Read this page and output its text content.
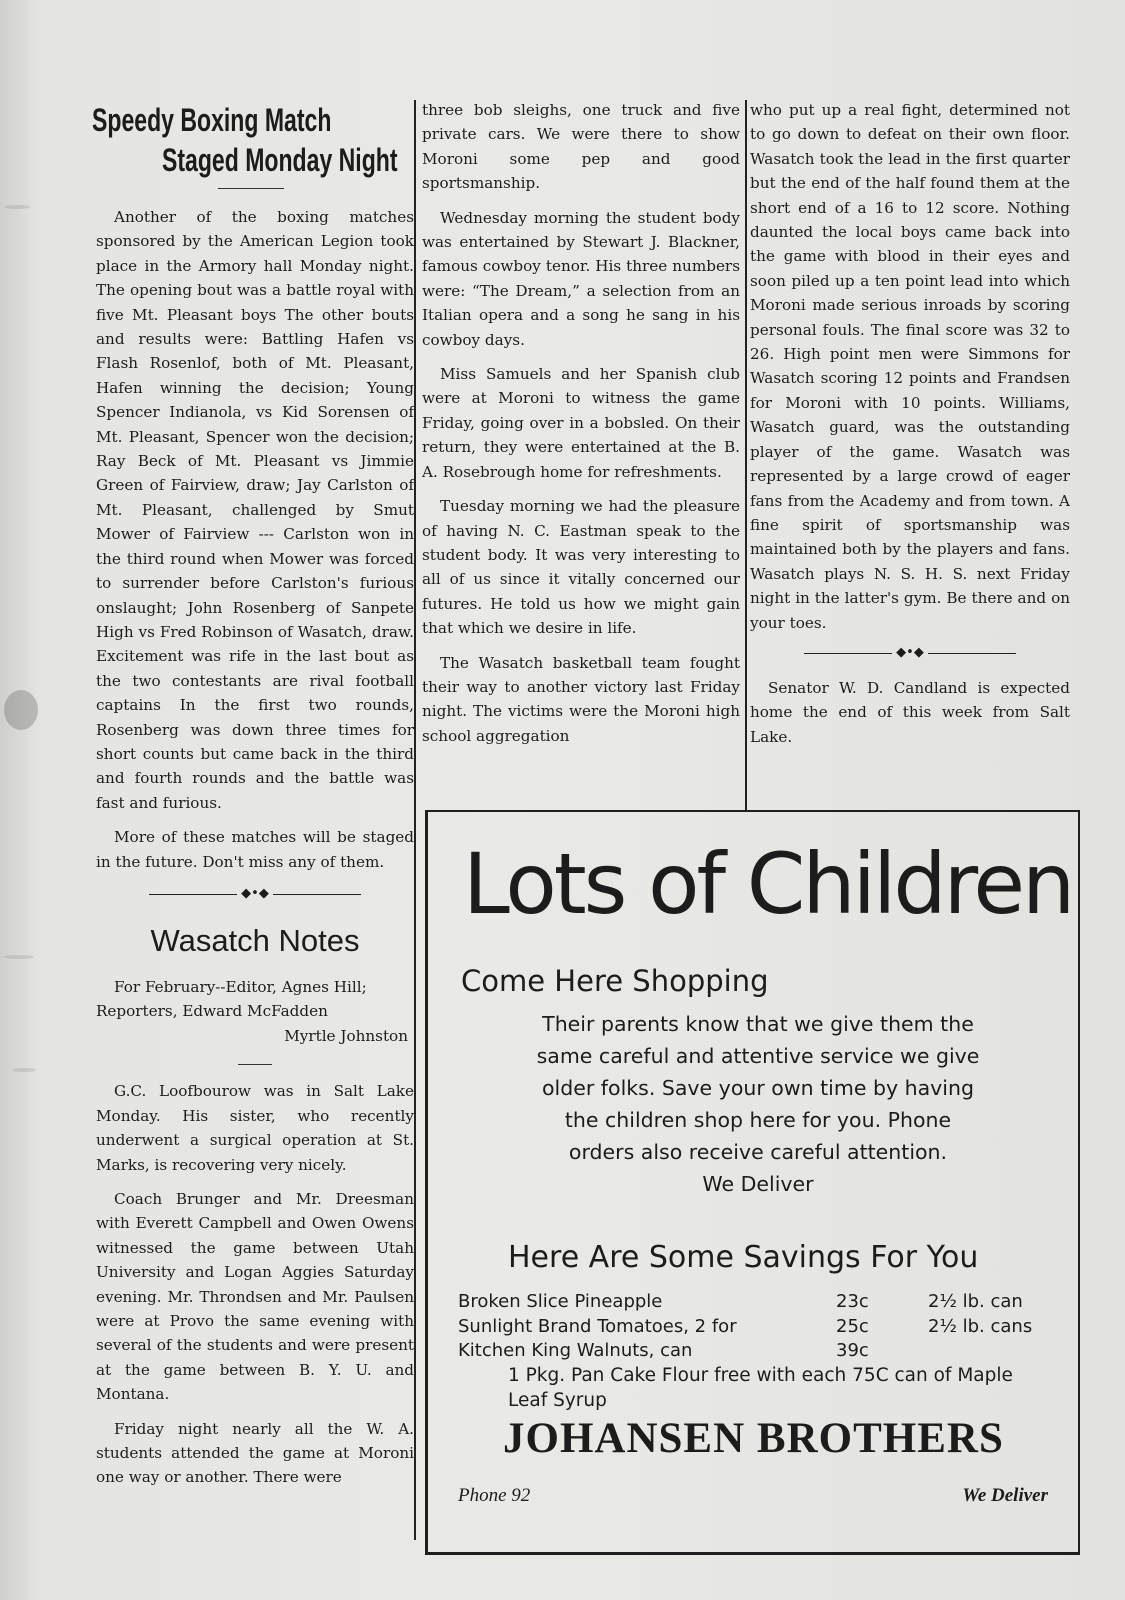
Speedy Boxing Match
Staged Monday Night

Another of the boxing matches sponsored by the American Legion took place in the Armory hall Monday night. The opening bout was a battle royal with five Mt. Pleasant boys The other bouts and results were: Battling Hafen vs Flash Rosenlof, both of Mt. Pleasant, Hafen winning the decision; Young Spencer Indianola, vs Kid Sorensen of Mt. Pleasant, Spencer won the decision; Ray Beck of Mt. Pleasant vs Jimmie Green of Fairview, draw; Jay Carlston of Mt. Pleasant, challenged by Smut Mower of Fairview --- Carlston won in the third round when Mower was forced to surrender before Carlston's furious onslaught; John Rosenberg of Sanpete High vs Fred Robinson of Wasatch, draw. Excitement was rife in the last bout as the two contestants are rival football captains In the first two rounds, Rosenberg was down three times for short counts but came back in the third and fourth rounds and the battle was fast and furious.

More of these matches will be staged in the future. Don't miss any of them.

◆•◆
Wasatch Notes

For February--Editor, Agnes Hill;

Reporters, Edward McFadden

Myrtle Johnston

G.C. Loofbourow was in Salt Lake Monday. His sister, who recently underwent a surgical operation at St. Marks, is recovering very nicely.

Coach Brunger and Mr. Dreesman with Everett Campbell and Owen Owens witnessed the game between Utah University and Logan Aggies Saturday evening. Mr. Throndsen and Mr. Paulsen were at Provo the same evening with several of the students and were present at the game between B. Y. U. and Montana.

Friday night nearly all the W. A. students attended the game at Moroni one way or another. There were

three bob sleighs, one truck and five private cars. We were there to show Moroni some pep and good sportsmanship.

Wednesday morning the student body was entertained by Stewart J. Blackner, famous cowboy tenor. His three numbers were: “The Dream,” a selection from an Italian opera and a song he sang in his cowboy days.

Miss Samuels and her Spanish club were at Moroni to witness the game Friday, going over in a bobsled. On their return, they were entertained at the B. A. Rosebrough home for refreshments.

Tuesday morning we had the pleasure of having N. C. Eastman speak to the student body. It was very interesting to all of us since it vitally concerned our futures. He told us how we might gain that which we desire in life.

The Wasatch basketball team fought their way to another victory last Friday night. The victims were the Moroni high school aggregation

who put up a real fight, determined not to go down to defeat on their own floor. Wasatch took the lead in the first quarter but the end of the half found them at the short end of a 16 to 12 score. Nothing daunted the local boys came back into the game with blood in their eyes and soon piled up a ten point lead into which Moroni made serious inroads by scoring personal fouls. The final score was 32 to 26. High point men were Simmons for Wasatch scoring 12 points and Frandsen for Moroni with 10 points. Williams, Wasatch guard, was the outstanding player of the game. Wasatch was represented by a large crowd of eager fans from the Academy and from town. A fine spirit of sportsmanship was maintained both by the players and fans. Wasatch plays N. S. H. S. next Friday night in the latter's gym. Be there and on your toes.

◆•◆

Senator W. D. Candland is expected home the end of this week from Salt Lake.

Lots of Children
Come Here Shopping
Their parents know that we give them the
same careful and attentive service we give
older folks. Save your own time by having
the children shop here for you. Phone
orders also receive careful attention.
We Deliver
Here Are Some Savings For You
Broken Slice Pineapple	23c	2½ lb. can
Sunlight Brand Tomatoes, 2 for	25c	2½ lb. cans
Kitchen King Walnuts, can	39c
1 Pkg. Pan Cake Flour free with each 75C can of Maple Leaf Syrup
JOHANSEN BROTHERS
Phone 92	We Deliver
